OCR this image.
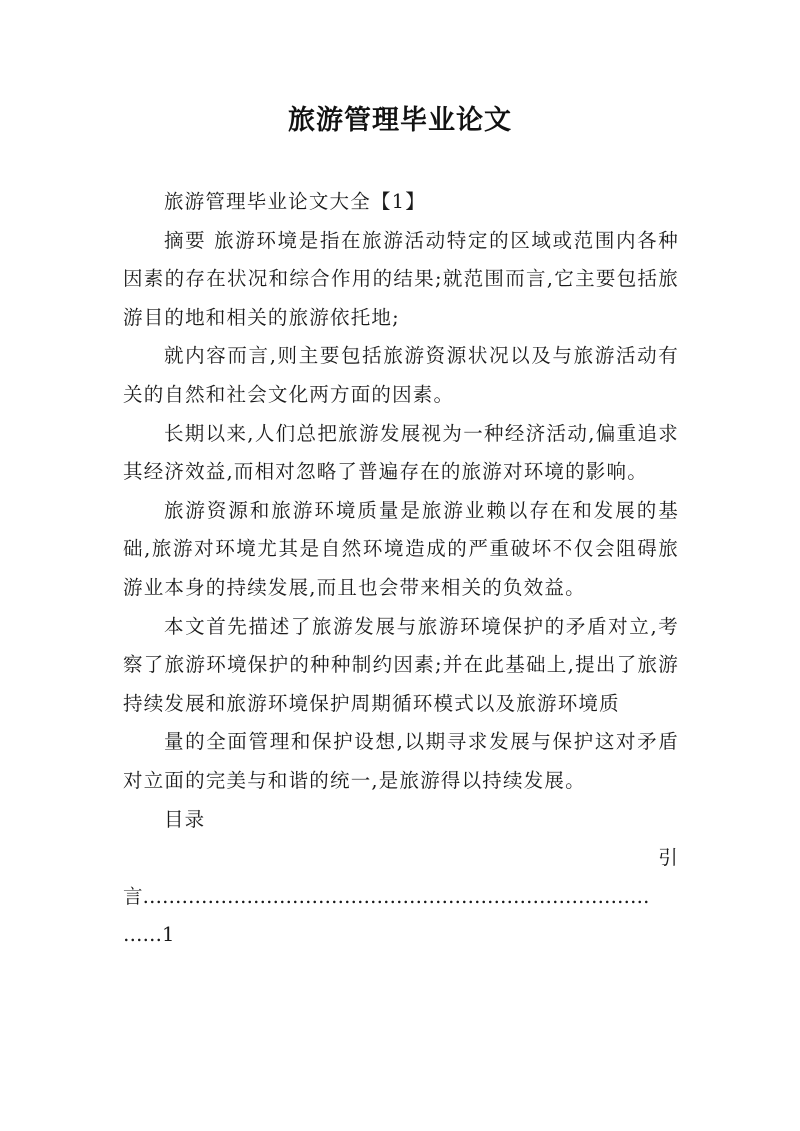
旅游管理毕业论文

旅游管理毕业论文大全【1】

摘要 旅游环境是指在旅游活动特定的区域或范围内各种因素的存在状况和综合作用的结果;就范围而言,它主要包括旅游目的地和相关的旅游依托地;

就内容而言,则主要包括旅游资源状况以及与旅游活动有关的自然和社会文化两方面的因素。

长期以来,人们总把旅游发展视为一种经济活动,偏重追求其经济效益,而相对忽略了普遍存在的旅游对环境的影响。

旅游资源和旅游环境质量是旅游业赖以存在和发展的基础,旅游对环境尤其是自然环境造成的严重破坏不仅会阻碍旅游业本身的持续发展,而且也会带来相关的负效益。

本文首先描述了旅游发展与旅游环境保护的矛盾对立,考察了旅游环境保护的种种制约因素;并在此基础上,提出了旅游持续发展和旅游环境保护周期循环模式以及旅游环境质

量的全面管理和保护设想,以期寻求发展与保护这对矛盾对立面的完美与和谐的统一,是旅游得以持续发展。

目录

引

言……………………………………………………………………

……1
